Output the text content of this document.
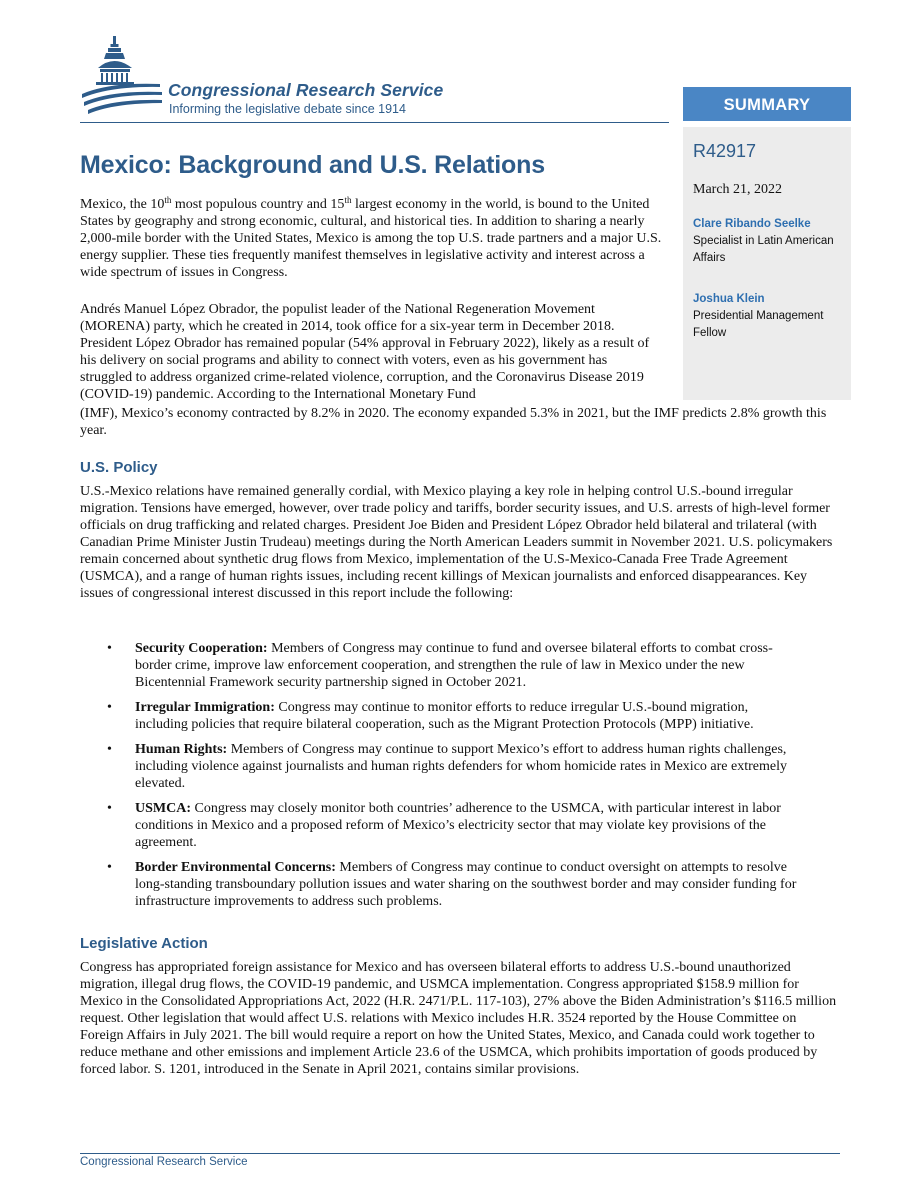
Congressional Research Service
Informing the legislative debate since 1914	SUMMARY
R42917
March 21, 2022
Clare Ribando Seelke
Specialist in Latin American Affairs
Joshua Klein
Presidential Management Fellow
Mexico: Background and U.S. Relations

Mexico, the 10th most populous country and 15th largest economy in the world, is bound to the United States by geography and strong economic, cultural, and historical ties. In addition to sharing a nearly 2,000-mile border with the United States, Mexico is among the top U.S. trade partners and a major U.S. energy supplier. These ties frequently manifest themselves in legislative activity and interest across a wide spectrum of issues in Congress.

Andrés Manuel López Obrador, the populist leader of the National Regeneration Movement (MORENA) party, which he created in 2014, took office for a six-year term in December 2018. President López Obrador has remained popular (54% approval in February 2022), likely as a result of his delivery on social programs and ability to connect with voters, even as his government has struggled to address organized crime-related violence, corruption, and the Coronavirus Disease 2019 (COVID-19) pandemic. According to the International Monetary Fund

(IMF), Mexico’s economy contracted by 8.2% in 2020. The economy expanded 5.3% in 2021, but the IMF predicts 2.8% growth this year.

U.S. Policy

U.S.-Mexico relations have remained generally cordial, with Mexico playing a key role in helping control U.S.-bound irregular migration. Tensions have emerged, however, over trade policy and tariffs, border security issues, and U.S. arrests of high-level former officials on drug trafficking and related charges. President Joe Biden and President López Obrador held bilateral and trilateral (with Canadian Prime Minister Justin Trudeau) meetings during the North American Leaders summit in November 2021. U.S. policymakers remain concerned about synthetic drug flows from Mexico, implementation of the U.S-Mexico-Canada Free Trade Agreement (USMCA), and a range of human rights issues, including recent killings of Mexican journalists and enforced disappearances. Key issues of congressional interest discussed in this report include the following:

• Security Cooperation: Members of Congress may continue to fund and oversee bilateral efforts to combat cross-border crime, improve law enforcement cooperation, and strengthen the rule of law in Mexico under the new Bicentennial Framework security partnership signed in October 2021.
• Irregular Immigration: Congress may continue to monitor efforts to reduce irregular U.S.-bound migration, including policies that require bilateral cooperation, such as the Migrant Protection Protocols (MPP) initiative.
• Human Rights: Members of Congress may continue to support Mexico’s effort to address human rights challenges, including violence against journalists and human rights defenders for whom homicide rates in Mexico are extremely elevated.
• USMCA: Congress may closely monitor both countries’ adherence to the USMCA, with particular interest in labor conditions in Mexico and a proposed reform of Mexico’s electricity sector that may violate key provisions of the agreement.
• Border Environmental Concerns: Members of Congress may continue to conduct oversight on attempts to resolve long-standing transboundary pollution issues and water sharing on the southwest border and may consider funding for infrastructure improvements to address such problems.
Legislative Action

Congress has appropriated foreign assistance for Mexico and has overseen bilateral efforts to address U.S.-bound unauthorized migration, illegal drug flows, the COVID-19 pandemic, and USMCA implementation. Congress appropriated $158.9 million for Mexico in the Consolidated Appropriations Act, 2022 (H.R. 2471/P.L. 117-103), 27% above the Biden Administration’s $116.5 million request. Other legislation that would affect U.S. relations with Mexico includes H.R. 3524 reported by the House Committee on Foreign Affairs in July 2021. The bill would require a report on how the United States, Mexico, and Canada could work together to reduce methane and other emissions and implement Article 23.6 of the USMCA, which prohibits importation of goods produced by forced labor. S. 1201, introduced in the Senate in April 2021, contains similar provisions.

Congressional Research Service
